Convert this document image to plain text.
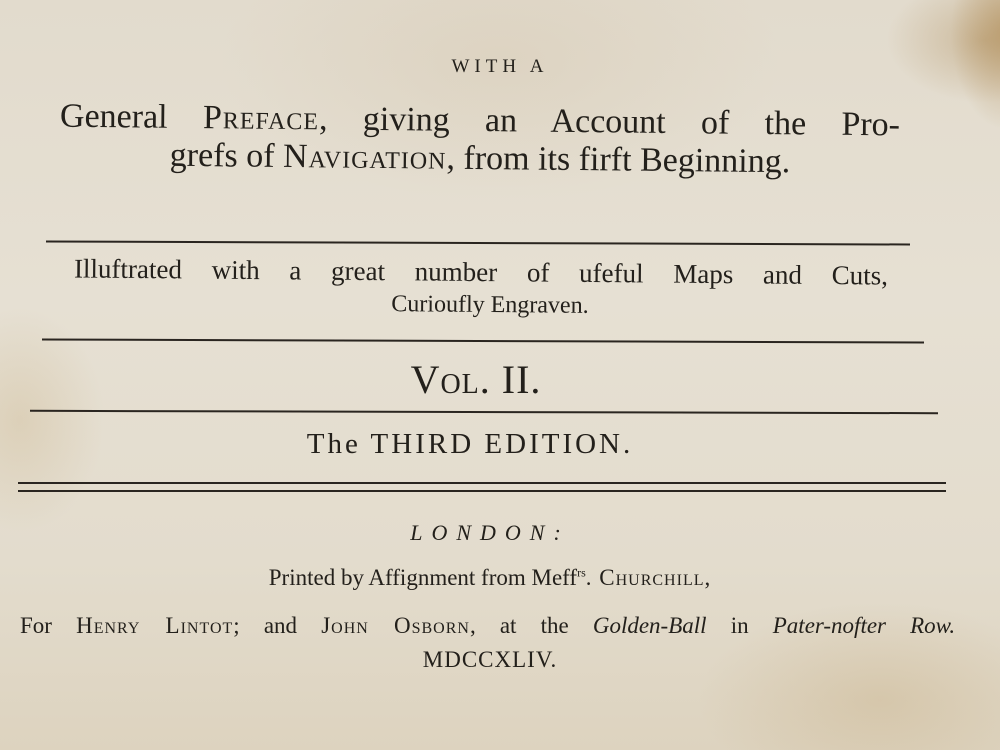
WITH A
General Preface, giving an Account of the Pro-
grefs of Navigation, from its firft Beginning.
Illuftrated with a great number of ufeful Maps and Cuts,
Curioufly Engraven.
Vol. II.
The THIRD EDITION.
LONDON:
Printed by Affignment from Meff$^{rs}$. Churchill,
For Henry Lintot; and John Osborn, at the Golden-Ball in Pater-nofter Row.
MDCCXLIV.
